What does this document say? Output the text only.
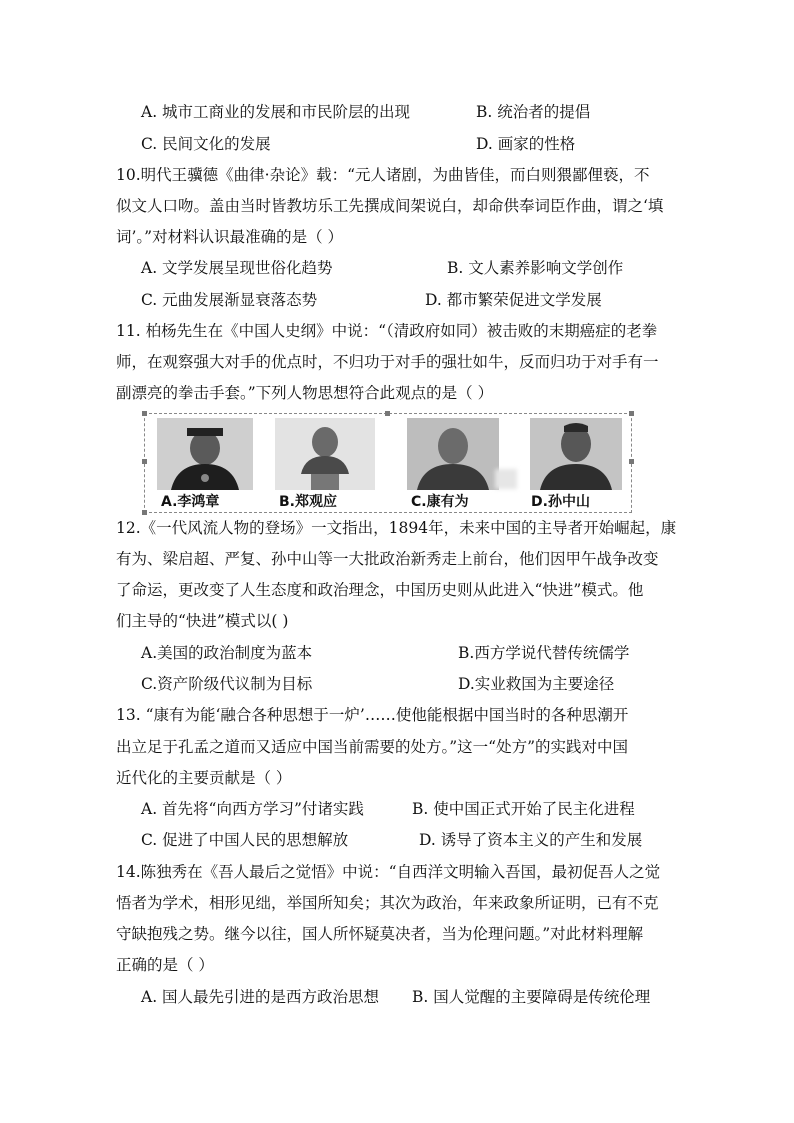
A. 城市工商业的发展和市民阶层的出现	B. 统治者的提倡
C. 民间文化的发展	D. 画家的性格
10.明代王骥德《曲律·杂论》载：“元人诸剧，为曲皆佳，而白则猥鄙俚亵，不
似文人口吻。盖由当时皆教坊乐工先撰成间架说白，却命供奉词臣作曲，谓之‘填
词’。”对材料认识最准确的是（ ）
A. 文学发展呈现世俗化趋势	B. 文人素养影响文学创作
C. 元曲发展渐显衰落态势	D. 都市繁荣促进文学发展
11. 柏杨先生在《中国人史纲》中说：“（清政府如同）被击败的末期癌症的老拳
师，在观察强大对手的优点时，不归功于对手的强壮如牛，反而归功于对手有一
副漂亮的拳击手套。”下列人物思想符合此观点的是（ ）
A.李鸿章	B.郑观应	C.康有为	D.孙中山
12.《一代风流人物的登场》一文指出，1894年，未来中国的主导者开始崛起，康
有为、梁启超、严复、孙中山等一大批政治新秀走上前台，他们因甲午战争改变
了命运，更改变了人生态度和政治理念，中国历史则从此进入“快进”模式。他
们主导的“快进”模式以( )
A.美国的政治制度为蓝本	B.西方学说代替传统儒学
C.资产阶级代议制为目标	D.实业救国为主要途径
13. “康有为能‘融合各种思想于一炉’……使他能根据中国当时的各种思潮开
出立足于孔孟之道而又适应中国当前需要的处方。”这一“处方”的实践对中国
近代化的主要贡献是（ ）
A. 首先将“向西方学习”付诸实践	B. 使中国正式开始了民主化进程
C. 促进了中国人民的思想解放	D. 诱导了资本主义的产生和发展
14.陈独秀在《吾人最后之觉悟》中说：“自西洋文明输入吾国，最初促吾人之觉
悟者为学术，相形见绌，举国所知矣；其次为政治，年来政象所证明，已有不克
守缺抱残之势。继今以往，国人所怀疑莫决者，当为伦理问题。”对此材料理解
正确的是（ ）
A. 国人最先引进的是西方政治思想 B. 国人觉醒的主要障碍是传统伦理
